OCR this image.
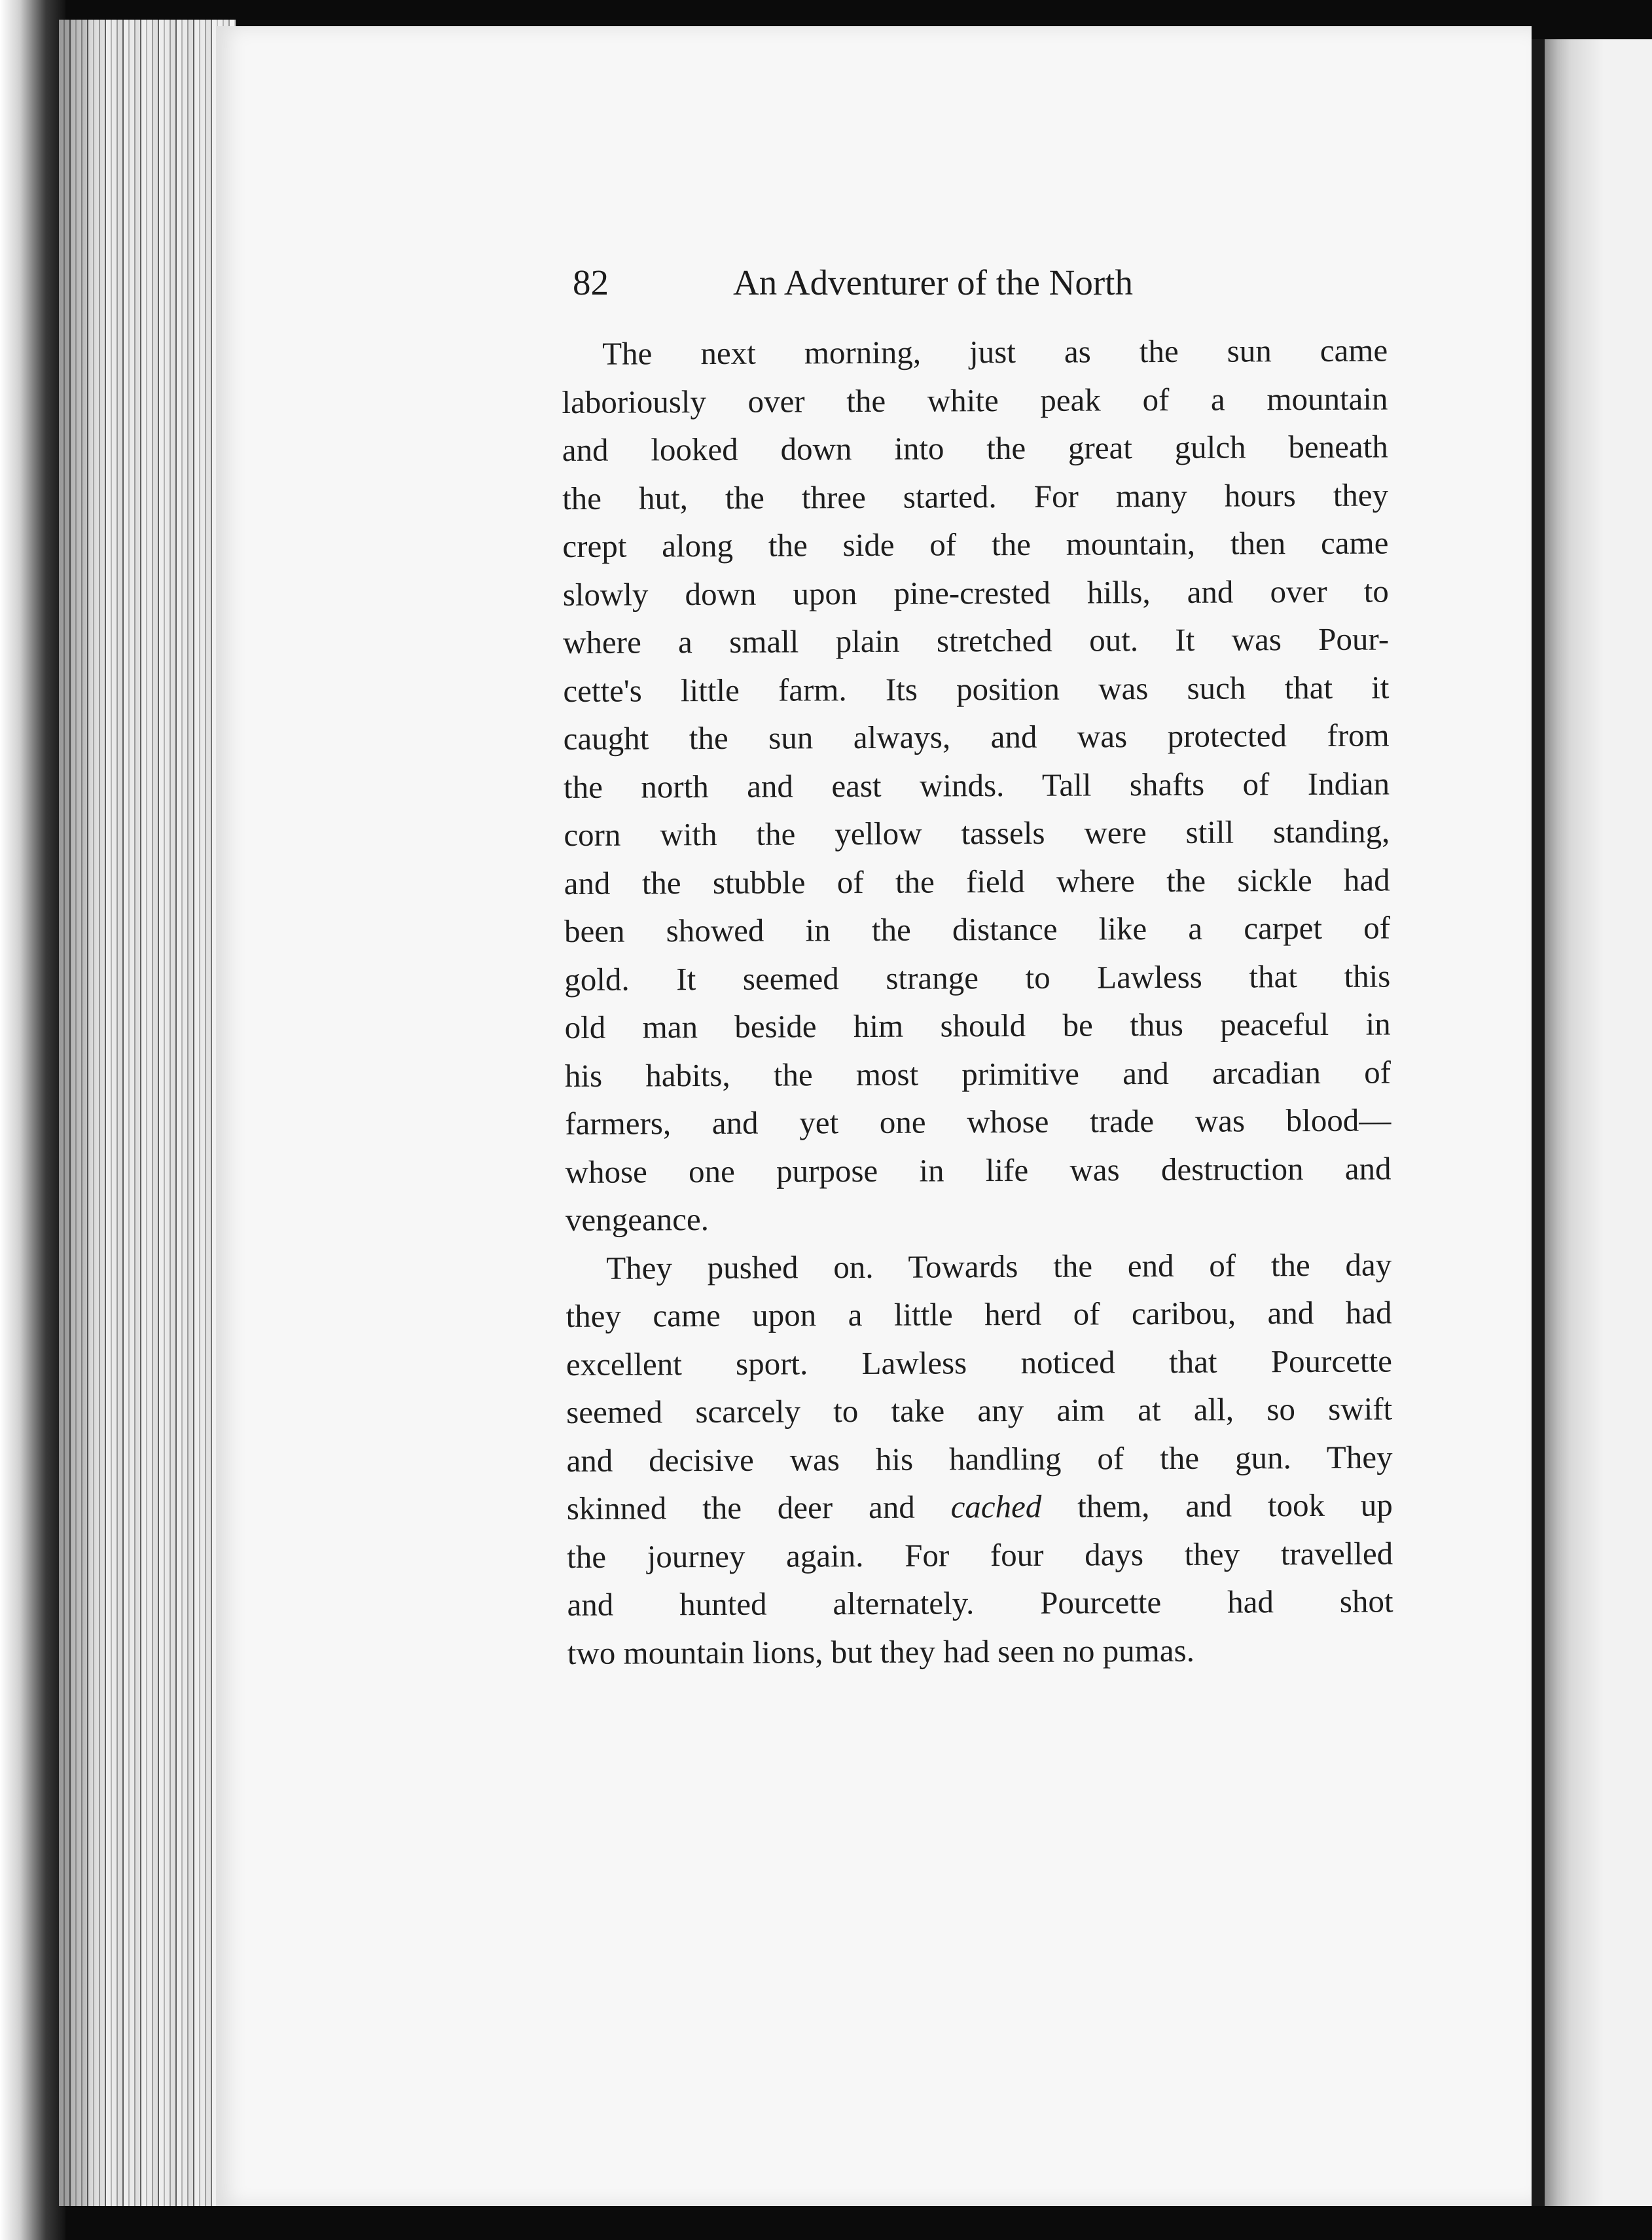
82	An Adventurer of the North
The next morning, just as the sun came
laboriously over the white peak of a mountain
and looked down into the great gulch beneath
the hut, the three started. For many hours they
crept along the side of the mountain, then came
slowly down upon pine-crested hills, and over to
where a small plain stretched out. It was Pour-
cette's little farm. Its position was such that it
caught the sun always, and was protected from
the north and east winds. Tall shafts of Indian
corn with the yellow tassels were still standing,
and the stubble of the field where the sickle had
been showed in the distance like a carpet of
gold. It seemed strange to Lawless that this
old man beside him should be thus peaceful in
his habits, the most primitive and arcadian of
farmers, and yet one whose trade was blood—
whose one purpose in life was destruction and
vengeance.
They pushed on. Towards the end of the day
they came upon a little herd of caribou, and had
excellent sport. Lawless noticed that Pourcette
seemed scarcely to take any aim at all, so swift
and decisive was his handling of the gun. They
skinned the deer and cached them, and took up
the journey again. For four days they travelled
and hunted alternately. Pourcette had shot
two mountain lions, but they had seen no pumas.
